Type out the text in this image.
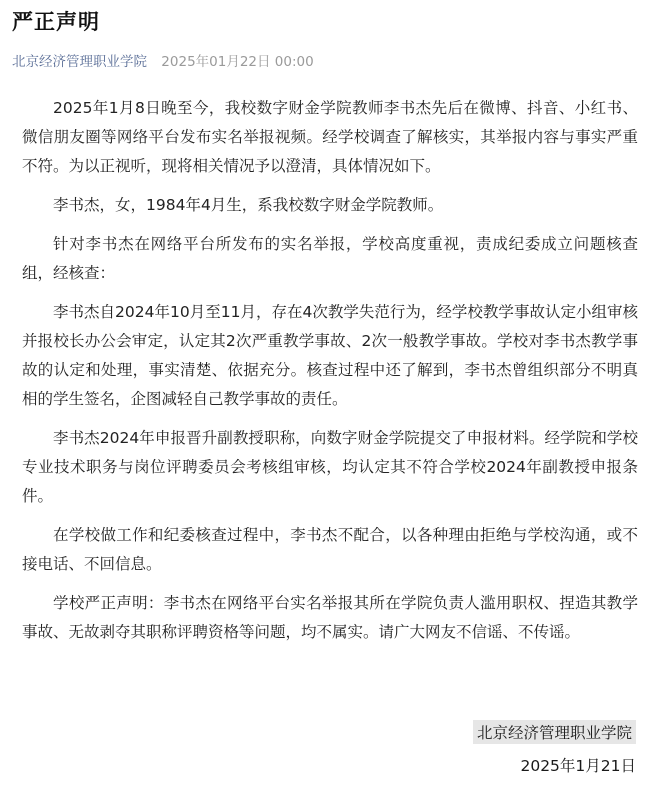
严正声明
北京经济管理职业学院 2025年01月22日 00:00

2025年1月8日晚至今，我校数字财金学院教师李书杰先后在微博、抖音、小红书、微信朋友圈等网络平台发布实名举报视频。经学校调查了解核实，其举报内容与事实严重不符。为以正视听，现将相关情况予以澄清，具体情况如下。

李书杰，女，1984年4月生，系我校数字财金学院教师。

针对李书杰在网络平台所发布的实名举报，学校高度重视，责成纪委成立问题核查组，经核查：

李书杰自2024年10月至11月，存在4次教学失范行为，经学校教学事故认定小组审核并报校长办公会审定，认定其2次严重教学事故、2次一般教学事故。学校对李书杰教学事故的认定和处理，事实清楚、依据充分。核查过程中还了解到，李书杰曾组织部分不明真相的学生签名，企图减轻自己教学事故的责任。

李书杰2024年申报晋升副教授职称，向数字财金学院提交了申报材料。经学院和学校专业技术职务与岗位评聘委员会考核组审核，均认定其不符合学校2024年副教授申报条件。

在学校做工作和纪委核查过程中，李书杰不配合，以各种理由拒绝与学校沟通，或不接电话、不回信息。

学校严正声明：李书杰在网络平台实名举报其所在学院负责人滥用职权、捏造其教学事故、无故剥夺其职称评聘资格等问题，均不属实。请广大网友不信谣、不传谣。

北京经济管理职业学院
2025年1月21日
